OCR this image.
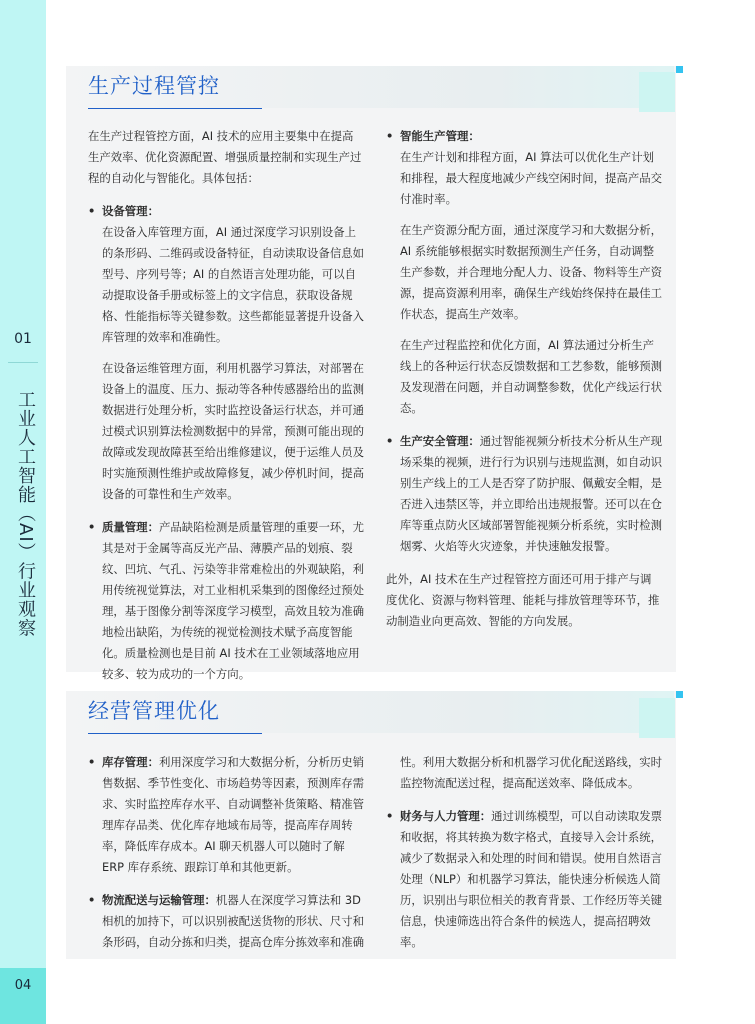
01
工业人工智能（AI）行业观察
04
生产过程管控

在生产过程管控方面，AI 技术的应用主要集中在提高生产效率、优化资源配置、增强质量控制和实现生产过程的自动化与智能化。具体包括：

• 设备管理：

在设备入库管理方面，AI 通过深度学习识别设备上的条形码、二维码或设备特征，自动读取设备信息如型号、序列号等；AI 的自然语言处理功能，可以自动提取设备手册或标签上的文字信息，获取设备规格、性能指标等关键参数。这些都能显著提升设备入库管理的效率和准确性。

在设备运维管理方面，利用机器学习算法，对部署在设备上的温度、压力、振动等各种传感器给出的监测数据进行处理分析，实时监控设备运行状态，并可通过模式识别算法检测数据中的异常，预测可能出现的故障或发现故障甚至给出维修建议，便于运维人员及时实施预测性维护或故障修复，减少停机时间，提高设备的可靠性和生产效率。

• 质量管理：产品缺陷检测是质量管理的重要一环，尤其是对于金属等高反光产品、薄膜产品的划痕、裂纹、凹坑、气孔、污染等非常难检出的外观缺陷，利用传统视觉算法，对工业相机采集到的图像经过预处理，基于图像分割等深度学习模型，高效且较为准确地检出缺陷，为传统的视觉检测技术赋予高度智能化。质量检测也是目前 AI 技术在工业领域落地应用较多、较为成功的一个方向。
• 智能生产管理：

在生产计划和排程方面，AI 算法可以优化生产计划和排程，最大程度地减少产线空闲时间，提高产品交付准时率。

在生产资源分配方面，通过深度学习和大数据分析，AI 系统能够根据实时数据预测生产任务，自动调整生产参数，并合理地分配人力、设备、物料等生产资源，提高资源利用率，确保生产线始终保持在最佳工作状态，提高生产效率。

在生产过程监控和优化方面，AI 算法通过分析生产线上的各种运行状态反馈数据和工艺参数，能够预测及发现潜在问题，并自动调整参数，优化产线运行状态。

• 生产安全管理：通过智能视频分析技术分析从生产现场采集的视频，进行行为识别与违规监测，如自动识别生产线上的工人是否穿了防护服、佩戴安全帽，是否进入违禁区等，并立即给出违规报警。还可以在仓库等重点防火区域部署智能视频分析系统，实时检测烟雾、火焰等火灾迹象，并快速触发报警。

此外，AI 技术在生产过程管控方面还可用于排产与调度优化、资源与物料管理、能耗与排放管理等环节，推动制造业向更高效、智能的方向发展。

经营管理优化
• 库存管理：利用深度学习和大数据分析，分析历史销售数据、季节性变化、市场趋势等因素，预测库存需求、实时监控库存水平、自动调整补货策略、精准管理库存品类、优化库存地域布局等，提高库存周转率，降低库存成本。AI 聊天机器人可以随时了解 ERP 库存系统、跟踪订单和其他更新。
• 物流配送与运输管理：机器人在深度学习算法和 3D 相机的加持下，可以识别被配送货物的形状、尺寸和条形码，自动分拣和归类，提高仓库分拣效率和准确

性。利用大数据分析和机器学习优化配送路线，实时监控物流配送过程，提高配送效率、降低成本。

• 财务与人力管理：通过训练模型，可以自动读取发票和收据，将其转换为数字格式，直接导入会计系统，减少了数据录入和处理的时间和错误。使用自然语言处理（NLP）和机器学习算法，能快速分析候选人简历，识别出与职位相关的教育背景、工作经历等关键信息，快速筛选出符合条件的候选人，提高招聘效率。
